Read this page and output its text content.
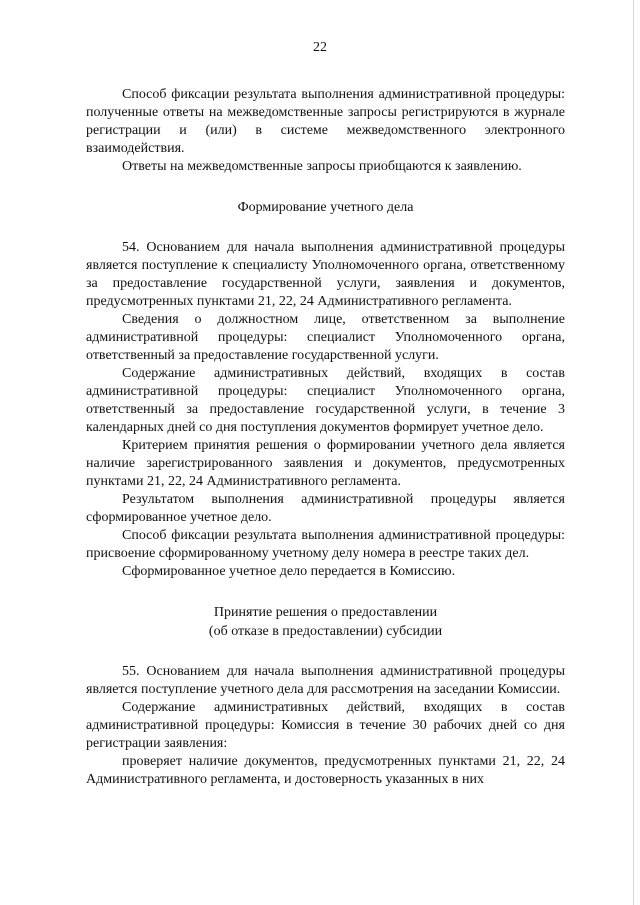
22

Способ фиксации результата выполнения административной процедуры: полученные ответы на межведомственные запросы регистрируются в журнале регистрации и (или) в системе межведомственного электронного взаимодействия.

Ответы на межведомственные запросы приобщаются к заявлению.

Формирование учетного дела

54. Основанием для начала выполнения административной процедуры является поступление к специалисту Уполномоченного органа, ответственному за предоставление государственной услуги, заявления и документов, предусмотренных пунктами 21, 22, 24 Административного регламента.

Сведения о должностном лице, ответственном за выполнение административной процедуры: специалист Уполномоченного органа, ответственный за предоставление государственной услуги.

Содержание административных действий, входящих в состав административной процедуры: специалист Уполномоченного органа, ответственный за предоставление государственной услуги, в течение 3 календарных дней со дня поступления документов формирует учетное дело.

Критерием принятия решения о формировании учетного дела является наличие зарегистрированного заявления и документов, предусмотренных пунктами 21, 22, 24 Административного регламента.

Результатом выполнения административной процедуры является сформированное учетное дело.

Способ фиксации результата выполнения административной процедуры: присвоение сформированному учетному делу номера в реестре таких дел.

Сформированное учетное дело передается в Комиссию.

Принятие решения о предоставлении
(об отказе в предоставлении) субсидии

55. Основанием для начала выполнения административной процедуры является поступление учетного дела для рассмотрения на заседании Комиссии.

Содержание административных действий, входящих в состав административной процедуры: Комиссия в течение 30 рабочих дней со дня регистрации заявления:

проверяет наличие документов, предусмотренных пунктами 21, 22, 24 Административного регламента, и достоверность указанных в них
